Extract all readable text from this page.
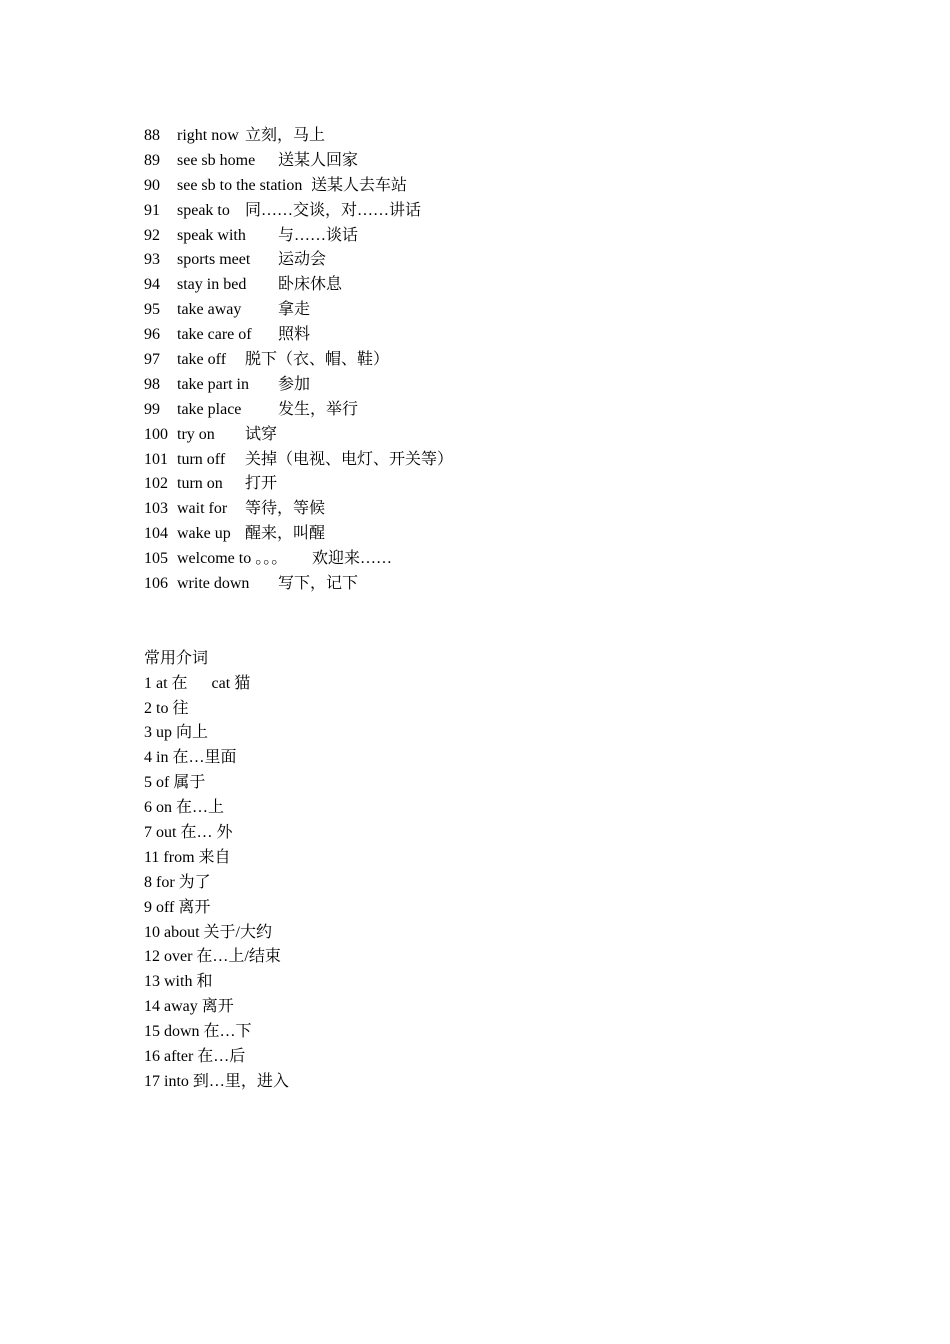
88 right now 立刻，马上
89 see sb home 送某人回家
90 see sb to the station 送某人去车站
91 speak to 同……交谈，对……讲话
92 speak with 与……谈话
93 sports meet 运动会
94 stay in bed 卧床休息
95 take away 拿走
96 take care of 照料
97 take off 脱下（衣、帽、鞋）
98 take part in 参加
99 take place 发生，举行
100 try on 试穿
101 turn off 关掉（电视、电灯、开关等）
102 turn on 打开
103 wait for 等待，等候
104 wake up 醒来，叫醒
105 welcome to 。。。 欢迎来……
106 write down 写下，记下
常用介词
1 at 在      cat 猫
2 to 往
3 up 向上
4 in 在…里面
5 of 属于
6 on 在…上
7 out 在… 外
11 from 来自
8 for 为了
9 off 离开
10 about 关于/大约
12 over 在…上/结束
13 with 和
14 away 离开
15 down 在…下
16 after 在…后
17 into 到…里，进入
